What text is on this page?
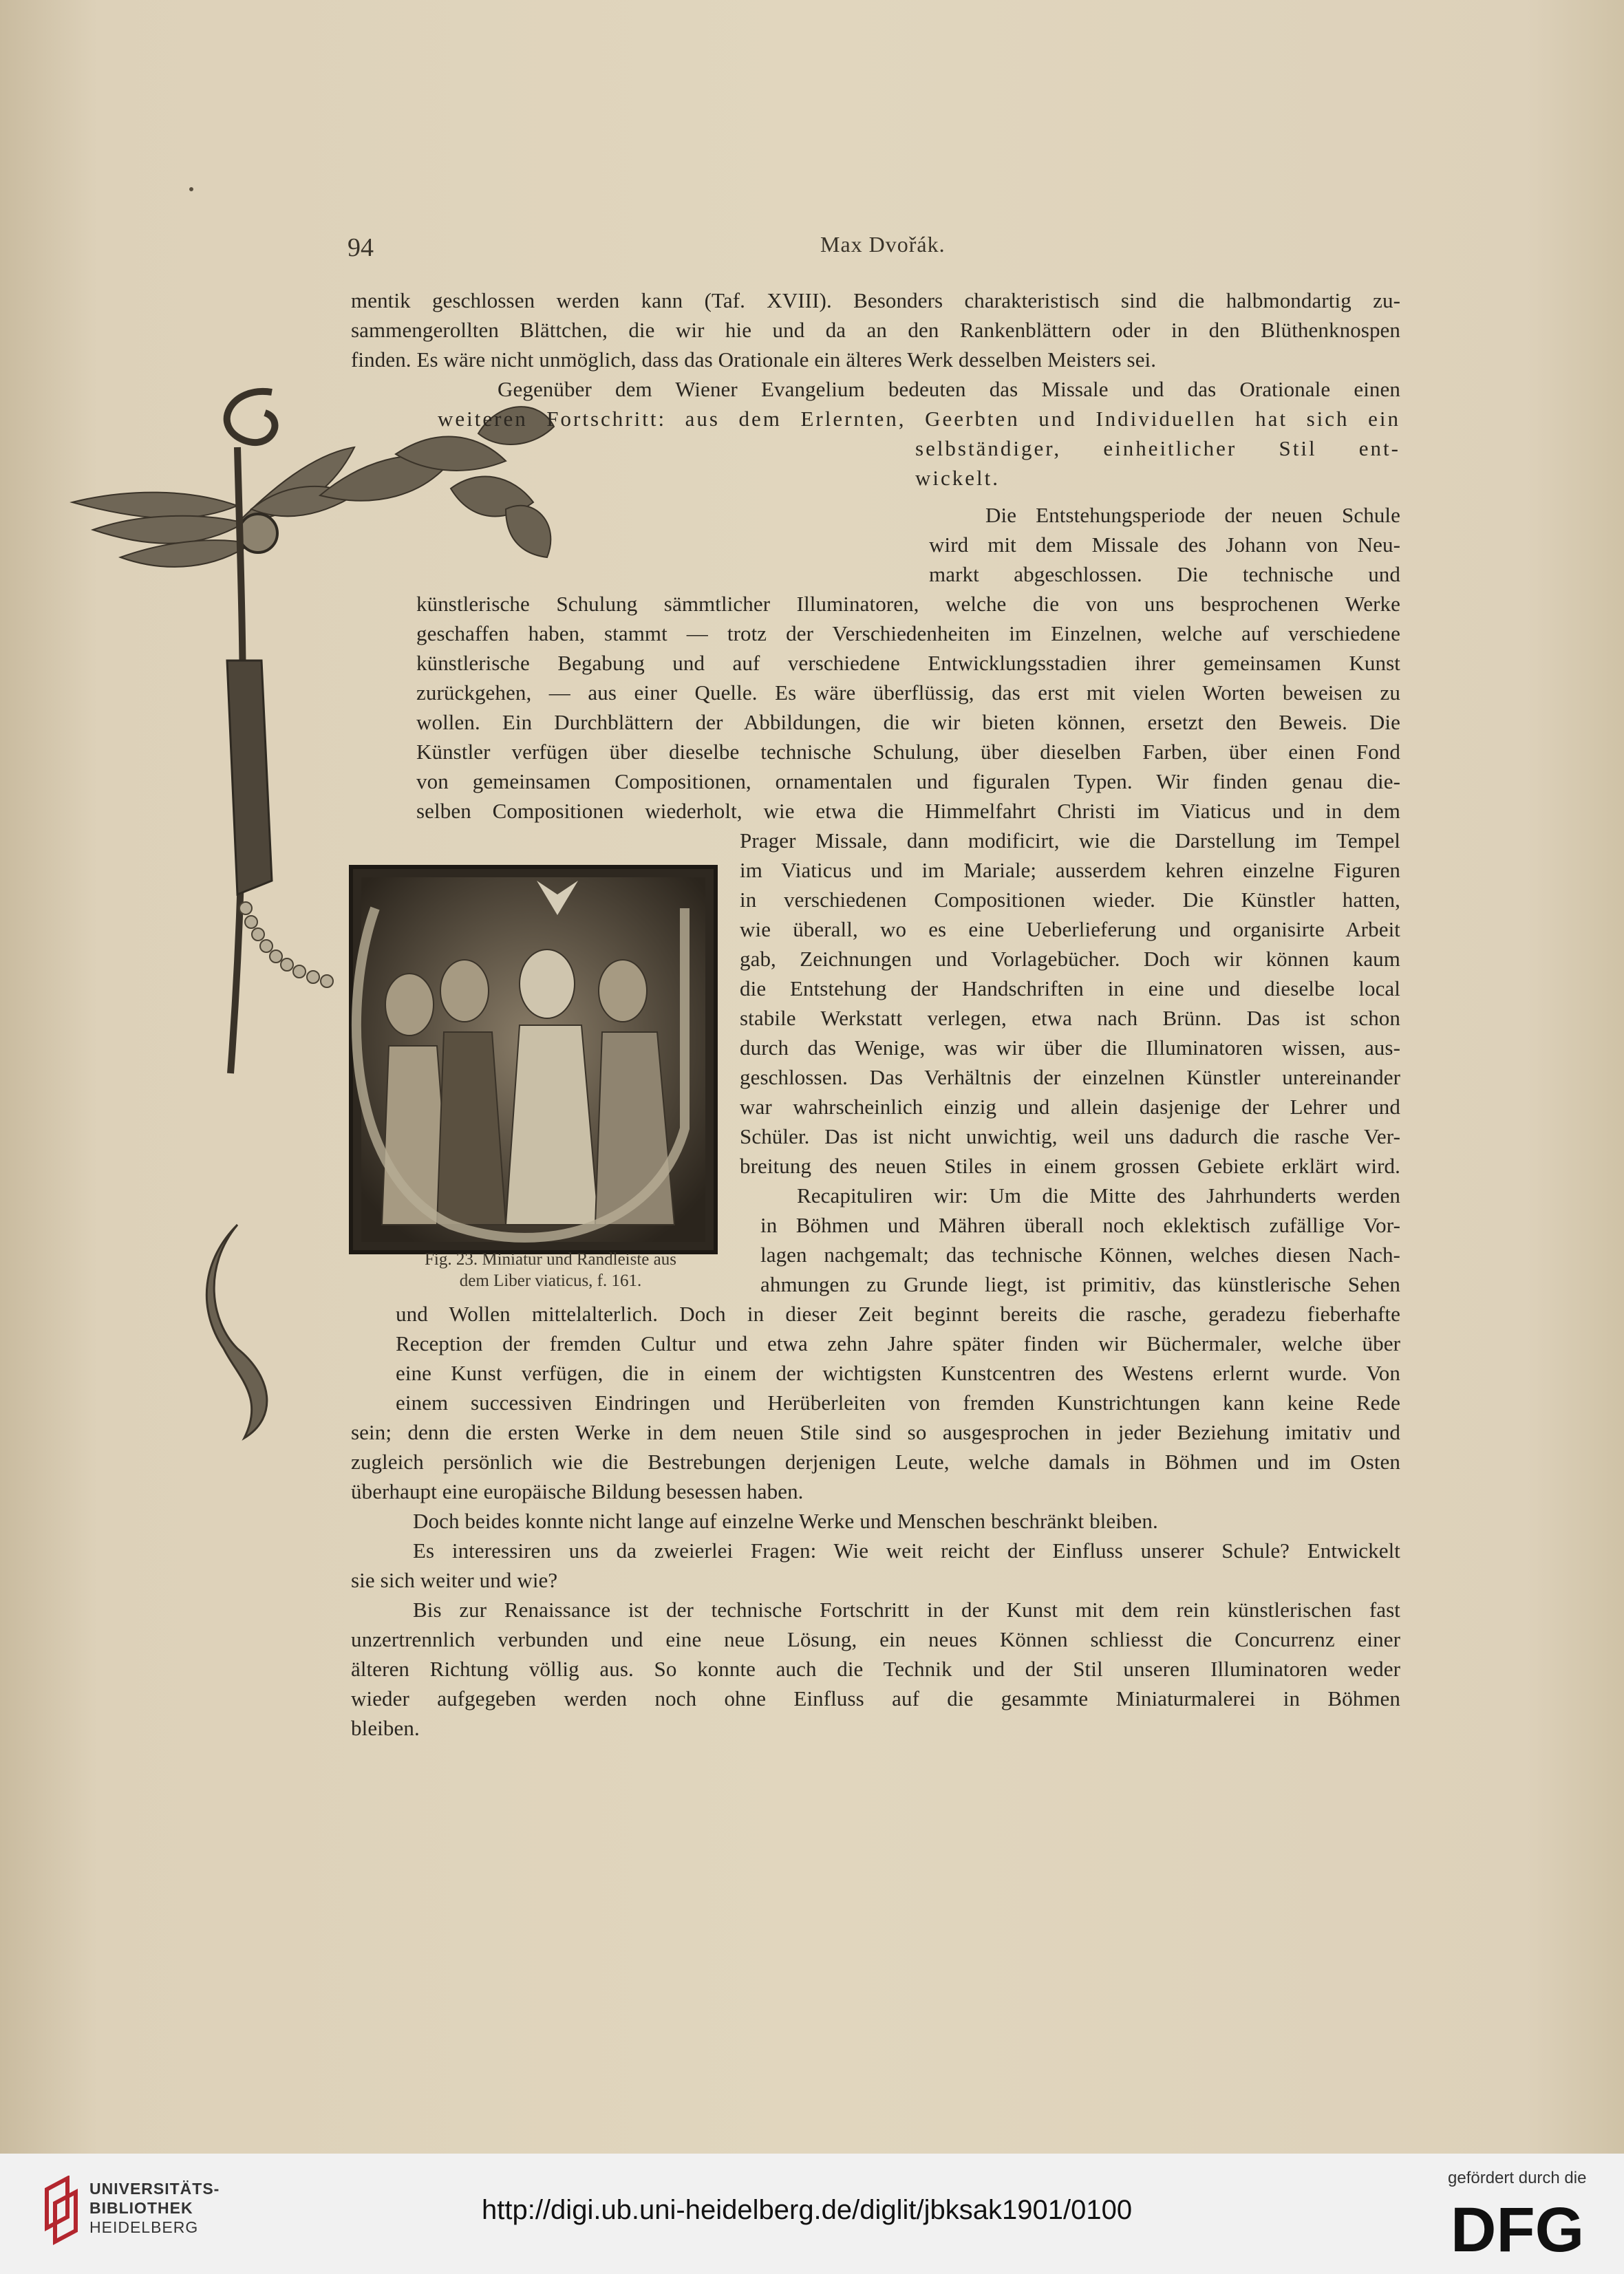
94	Max Dvořák.
mentik geschlossen werden kann (Taf. XVIII). Besonders charakteristisch sind die halbmondartig zu-
sammengerollten Blättchen, die wir hie und da an den Rankenblättern oder in den Blüthenknospen
finden. Es wäre nicht unmöglich, dass das Orationale ein älteres Werk desselben Meisters sei.
Gegenüber dem Wiener Evangelium bedeuten das Missale und das Orationale einen
weiteren Fortschritt: aus dem Erlernten, Geerbten und Individuellen hat sich ein
selbständiger, einheitlicher Stil ent-
wickelt.
Die Entstehungsperiode der neuen Schule
wird mit dem Missale des Johann von Neu-
markt abgeschlossen. Die technische und
künstlerische Schulung sämmtlicher Illuminatoren, welche die von uns besprochenen Werke
geschaffen haben, stammt — trotz der Verschiedenheiten im Einzelnen, welche auf verschiedene
künstlerische Begabung und auf verschiedene Entwicklungsstadien ihrer gemeinsamen Kunst
zurückgehen, — aus einer Quelle. Es wäre überflüssig, das erst mit vielen Worten beweisen zu
wollen. Ein Durchblättern der Abbildungen, die wir bieten können, ersetzt den Beweis. Die
Künstler verfügen über dieselbe technische Schulung, über dieselben Farben, über einen Fond
von gemeinsamen Compositionen, ornamentalen und figuralen Typen. Wir finden genau die-
selben Compositionen wiederholt, wie etwa die Himmelfahrt Christi im Viaticus und in dem
Prager Missale, dann modificirt, wie die Darstellung im Tempel
im Viaticus und im Mariale; ausserdem kehren einzelne Figuren
in verschiedenen Compositionen wieder. Die Künstler hatten,
wie überall, wo es eine Ueberlieferung und organisirte Arbeit
gab, Zeichnungen und Vorlagebücher. Doch wir können kaum
die Entstehung der Handschriften in eine und dieselbe local
stabile Werkstatt verlegen, etwa nach Brünn. Das ist schon
durch das Wenige, was wir über die Illuminatoren wissen, aus-
geschlossen. Das Verhältnis der einzelnen Künstler untereinander
war wahrscheinlich einzig und allein dasjenige der Lehrer und
Schüler. Das ist nicht unwichtig, weil uns dadurch die rasche Ver-
breitung des neuen Stiles in einem grossen Gebiete erklärt wird.
Recapituliren wir: Um die Mitte des Jahrhunderts werden
in Böhmen und Mähren überall noch eklektisch zufällige Vor-
lagen nachgemalt; das technische Können, welches diesen Nach-
ahmungen zu Grunde liegt, ist primitiv, das künstlerische Sehen
und Wollen mittelalterlich. Doch in dieser Zeit beginnt bereits die rasche, geradezu fieberhafte
Reception der fremden Cultur und etwa zehn Jahre später finden wir Büchermaler, welche über
eine Kunst verfügen, die in einem der wichtigsten Kunstcentren des Westens erlernt wurde. Von
einem successiven Eindringen und Herüberleiten von fremden Kunstrichtungen kann keine Rede
sein; denn die ersten Werke in dem neuen Stile sind so ausgesprochen in jeder Beziehung imitativ und
zugleich persönlich wie die Bestrebungen derjenigen Leute, welche damals in Böhmen und im Osten
überhaupt eine europäische Bildung besessen haben.
Doch beides konnte nicht lange auf einzelne Werke und Menschen beschränkt bleiben.
Es interessiren uns da zweierlei Fragen: Wie weit reicht der Einfluss unserer Schule? Entwickelt
sie sich weiter und wie?
Bis zur Renaissance ist der technische Fortschritt in der Kunst mit dem rein künstlerischen fast
unzertrennlich verbunden und eine neue Lösung, ein neues Können schliesst die Concurrenz einer
älteren Richtung völlig aus. So konnte auch die Technik und der Stil unseren Illuminatoren weder
wieder aufgegeben werden noch ohne Einfluss auf die gesammte Miniaturmalerei in Böhmen
bleiben.
Fig. 23. Miniatur und Randleiste aus
dem Liber viaticus, f. 161.
UNIVERSITÄTS-
BIBLIOTHEK
HEIDELBERG
http://digi.ub.uni-heidelberg.de/diglit/jbksak1901/0100
gefördert durch die
DFG
